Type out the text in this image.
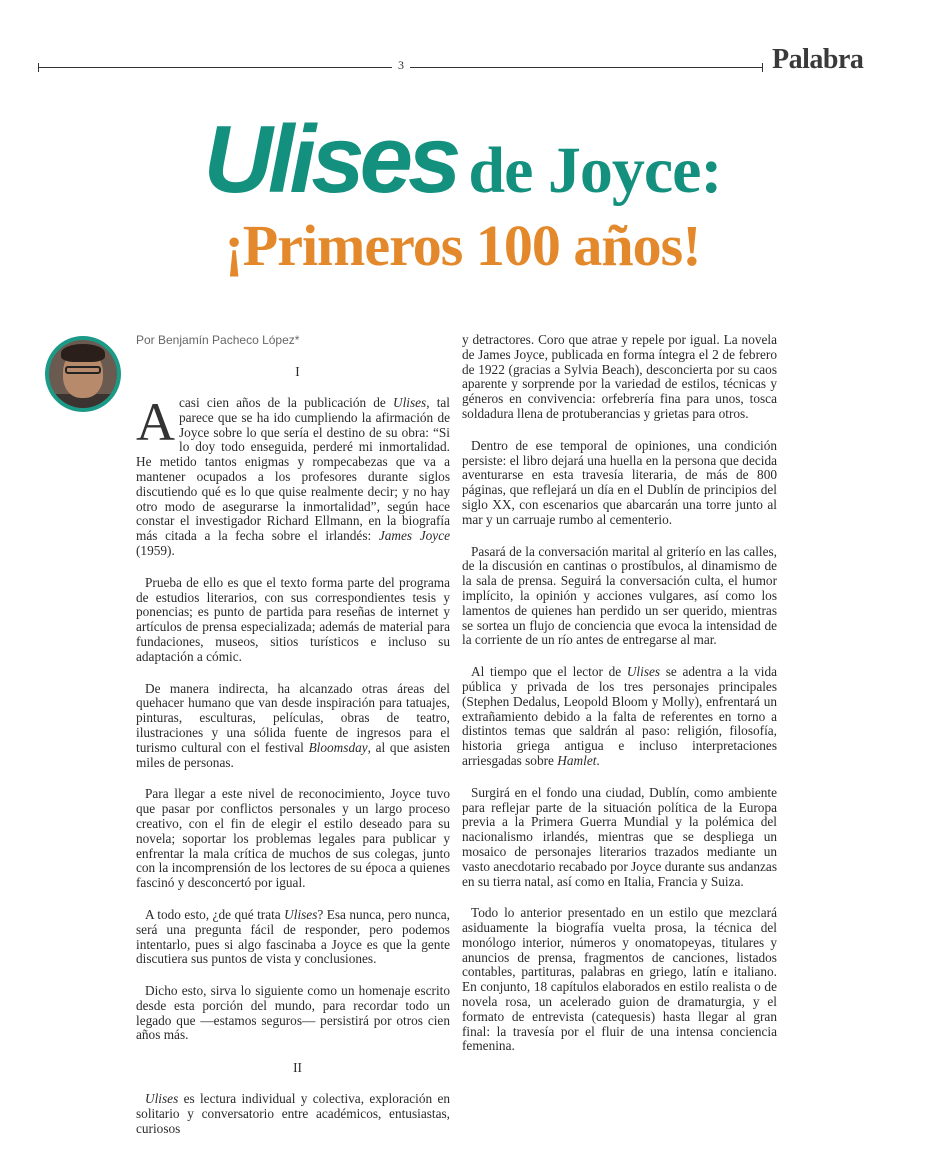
3	Palabra
Ulises de Joyce:
¡Primeros 100 años!
Por Benjamín Pacheco López*

I

Acasi cien años de la publicación de Ulises, tal parece que se ha ido cumpliendo la afirmación de Joyce sobre lo que sería el destino de su obra: “Si lo doy todo enseguida, perderé mi inmortalidad. He metido tantos enigmas y rompecabezas que va a mantener ocupados a los profesores durante siglos discutiendo qué es lo que quise realmente decir; y no hay otro modo de asegurarse la inmortalidad”, según hace constar el investigador Richard Ellmann, en la biografía más citada a la fecha sobre el irlandés: James Joyce (1959).

Prueba de ello es que el texto forma parte del programa de estudios literarios, con sus correspondientes tesis y ponencias; es punto de partida para reseñas de internet y artículos de prensa especializada; además de material para fundaciones, museos, sitios turísticos e incluso su adaptación a cómic.

De manera indirecta, ha alcanzado otras áreas del quehacer humano que van desde inspiración para tatuajes, pinturas, esculturas, películas, obras de teatro, ilustraciones y una sólida fuente de ingresos para el turismo cultural con el festival Bloomsday, al que asisten miles de personas.

Para llegar a este nivel de reconocimiento, Joyce tuvo que pasar por conflictos personales y un largo proceso creativo, con el fin de elegir el estilo deseado para su novela; soportar los problemas legales para publicar y enfrentar la mala crítica de muchos de sus colegas, junto con la incomprensión de los lectores de su época a quienes fascinó y desconcertó por igual.

A todo esto, ¿de qué trata Ulises? Esa nunca, pero nunca, será una pregunta fácil de responder, pero podemos intentarlo, pues si algo fascinaba a Joyce es que la gente discutiera sus puntos de vista y conclusiones.

Dicho esto, sirva lo siguiente como un homenaje escrito desde esta porción del mundo, para recordar todo un legado que —estamos seguros— persistirá por otros cien años más.

II

Ulises es lectura individual y colectiva, exploración en solitario y conversatorio entre académicos, entusiastas, curiosos

y detractores. Coro que atrae y repele por igual. La novela de James Joyce, publicada en forma íntegra el 2 de febrero de 1922 (gracias a Sylvia Beach), desconcierta por su caos aparente y sorprende por la variedad de estilos, técnicas y géneros en convivencia: orfebrería fina para unos, tosca soldadura llena de protuberancias y grietas para otros.

Dentro de ese temporal de opiniones, una condición persiste: el libro dejará una huella en la persona que decida aventurarse en esta travesía literaria, de más de 800 páginas, que reflejará un día en el Dublín de principios del siglo XX, con escenarios que abarcarán una torre junto al mar y un carruaje rumbo al cementerio.

Pasará de la conversación marital al griterío en las calles, de la discusión en cantinas o prostíbulos, al dinamismo de la sala de prensa. Seguirá la conversación culta, el humor implícito, la opinión y acciones vulgares, así como los lamentos de quienes han perdido un ser querido, mientras se sortea un flujo de conciencia que evoca la intensidad de la corriente de un río antes de entregarse al mar.

Al tiempo que el lector de Ulises se adentra a la vida pública y privada de los tres personajes principales (Stephen Dedalus, Leopold Bloom y Molly), enfrentará un extrañamiento debido a la falta de referentes en torno a distintos temas que saldrán al paso: religión, filosofía, historia griega antigua e incluso interpretaciones arriesgadas sobre Hamlet.

Surgirá en el fondo una ciudad, Dublín, como ambiente para reflejar parte de la situación política de la Europa previa a la Primera Guerra Mundial y la polémica del nacionalismo irlandés, mientras que se despliega un mosaico de personajes literarios trazados mediante un vasto anecdotario recabado por Joyce durante sus andanzas en su tierra natal, así como en Italia, Francia y Suiza.

Todo lo anterior presentado en un estilo que mezclará asiduamente la biografía vuelta prosa, la técnica del monólogo interior, números y onomatopeyas, titulares y anuncios de prensa, fragmentos de canciones, listados contables, partituras, palabras en griego, latín e italiano. En conjunto, 18 capítulos elaborados en estilo realista o de novela rosa, un acelerado guion de dramaturgia, y el formato de entrevista (catequesis) hasta llegar al gran final: la travesía por el fluir de una intensa conciencia femenina.
